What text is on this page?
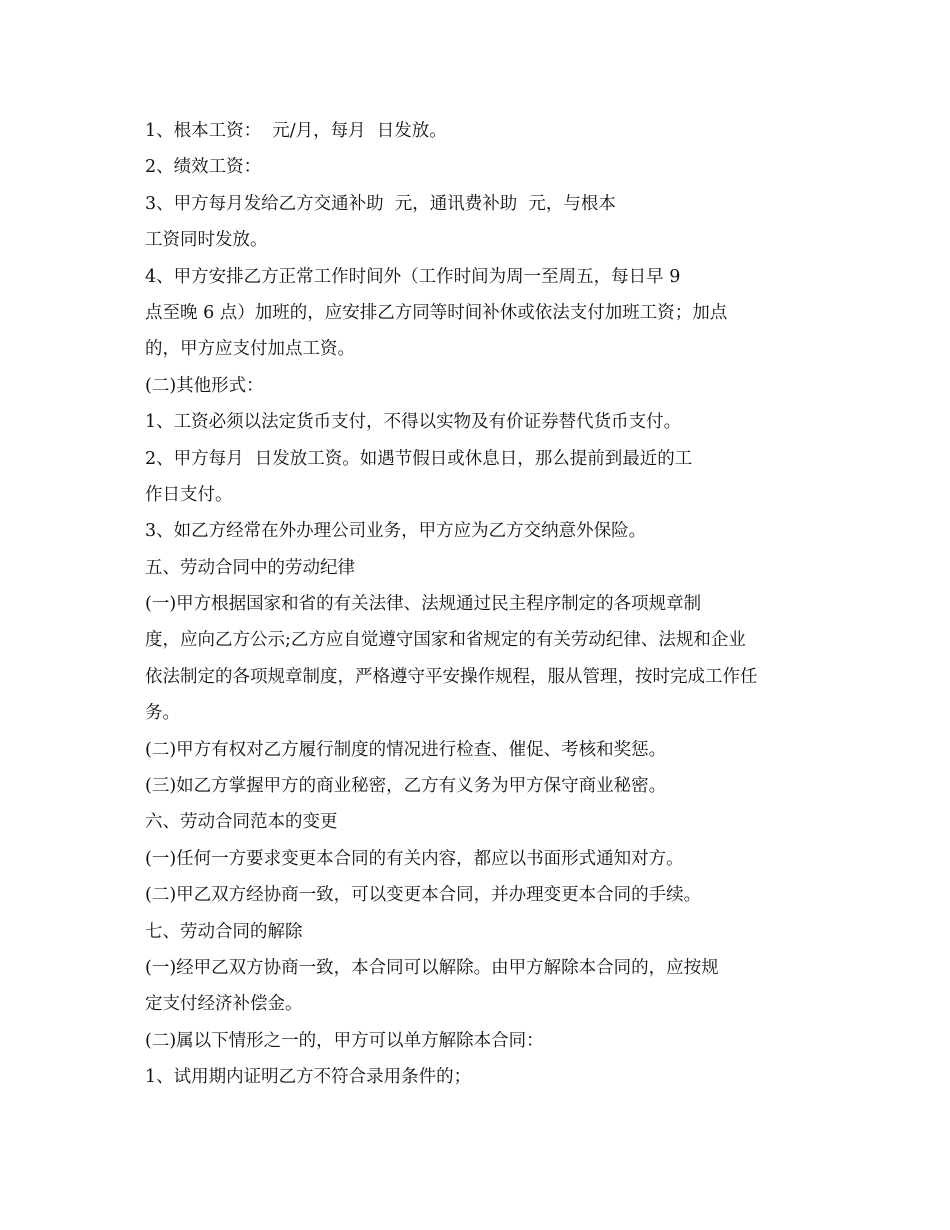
1、根本工资：  元/月，每月  日发放。

2、绩效工资：

3、甲方每月发给乙方交通补助  元，通讯费补助  元，与根本

工资同时发放。

4、甲方安排乙方正常工作时间外（工作时间为周一至周五，每日早 9

点至晚 6 点）加班的，应安排乙方同等时间补休或依法支付加班工资；加点

的，甲方应支付加点工资。

(二)其他形式：

1、工资必须以法定货币支付，不得以实物及有价证券替代货币支付。

2、甲方每月  日发放工资。如遇节假日或休息日，那么提前到最近的工

作日支付。

3、如乙方经常在外办理公司业务，甲方应为乙方交纳意外保险。

五、劳动合同中的劳动纪律

(一)甲方根据国家和省的有关法律、法规通过民主程序制定的各项规章制

度，应向乙方公示;乙方应自觉遵守国家和省规定的有关劳动纪律、法规和企业

依法制定的各项规章制度，严格遵守平安操作规程，服从管理，按时完成工作任

务。

(二)甲方有权对乙方履行制度的情况进行检查、催促、考核和奖惩。

(三)如乙方掌握甲方的商业秘密，乙方有义务为甲方保守商业秘密。

六、劳动合同范本的变更

(一)任何一方要求变更本合同的有关内容，都应以书面形式通知对方。

(二)甲乙双方经协商一致，可以变更本合同，并办理变更本合同的手续。

七、劳动合同的解除

(一)经甲乙双方协商一致，本合同可以解除。由甲方解除本合同的，应按规

定支付经济补偿金。

(二)属以下情形之一的，甲方可以单方解除本合同：

1、试用期内证明乙方不符合录用条件的；
